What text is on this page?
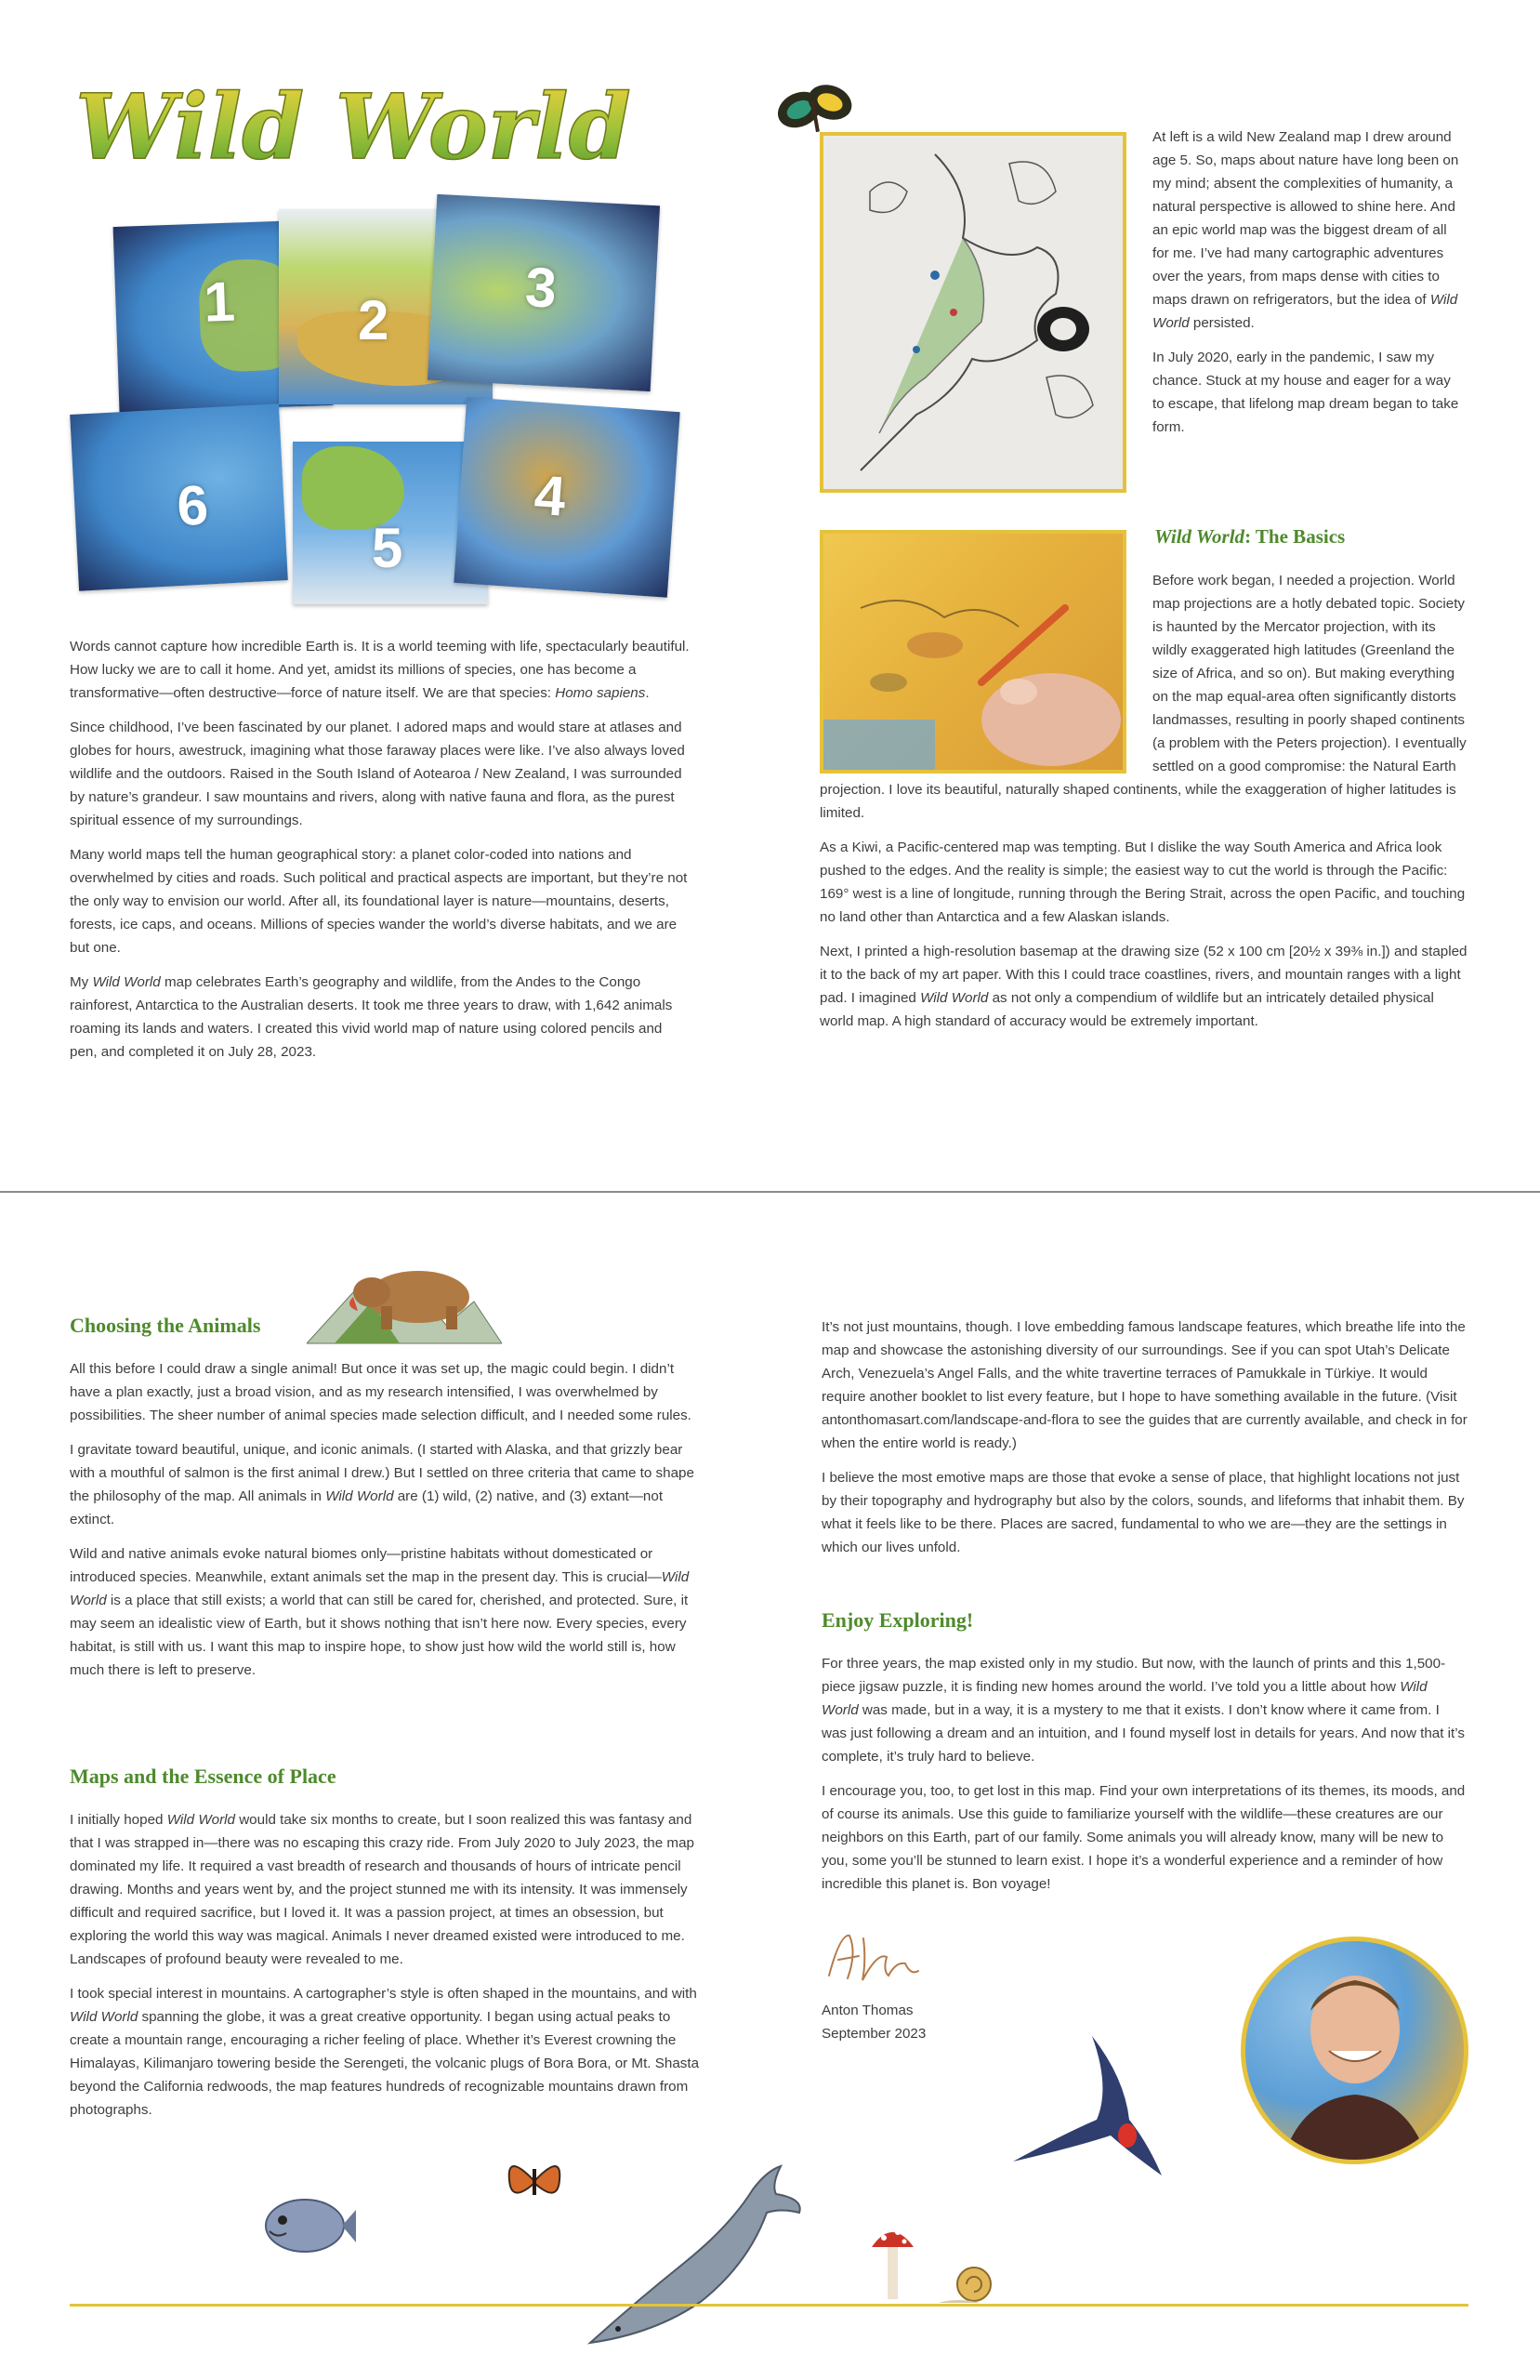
Wild World
1 2
3
6
5
4

Words cannot capture how incredible Earth is. It is a world teeming with life, spectacularly beautiful. How lucky we are to call it home. And yet, amidst its millions of species, one has become a transformative—often destructive—force of nature itself. We are that species: Homo sapiens.

Since childhood, I’ve been fascinated by our planet. I adored maps and would stare at atlases and globes for hours, awestruck, imagining what those faraway places were like. I’ve also always loved wildlife and the outdoors. Raised in the South Island of Aotearoa / New Zealand, I was surrounded by nature’s grandeur. I saw mountains and rivers, along with native fauna and flora, as the purest spiritual essence of my surroundings.

Many world maps tell the human geographical story: a planet color-coded into nations and overwhelmed by cities and roads. Such political and practical aspects are important, but they’re not the only way to envision our world. After all, its foundational layer is nature—mountains, deserts, forests, ice caps, and oceans. Millions of species wander the world’s diverse habitats, and we are but one.

My Wild World map celebrates Earth’s geography and wildlife, from the Andes to the Congo rainforest, Antarctica to the Australian deserts. It took me three years to draw, with 1,642 animals roaming its lands and waters. I created this vivid world map of nature using colored pencils and pen, and completed it on July 28, 2023.

At left is a wild New Zealand map I drew around age 5. So, maps about nature have long been on my mind; absent the complexities of humanity, a natural perspective is allowed to shine here. And an epic world map was the biggest dream of all for me. I’ve had many cartographic adventures over the years, from maps dense with cities to maps drawn on refrigerators, but the idea of Wild World persisted.

In July 2020, early in the pandemic, I saw my chance. Stuck at my house and eager for a way to escape, that lifelong map dream began to take form.

Wild World: The Basics

Before work began, I needed a projection. World map projections are a hotly debated topic. Society is haunted by the Mercator projection, with its wildly exaggerated high latitudes (Greenland the size of Africa, and so on). But making everything on the map equal-area often significantly distorts landmasses, resulting in poorly shaped continents (a problem with the Peters projection). I eventually settled on a good compromise: the Natural Earth projection. I love its beautiful, naturally shaped continents, while the exaggeration of higher latitudes is limited.

As a Kiwi, a Pacific-centered map was tempting. But I dislike the way South America and Africa look pushed to the edges. And the reality is simple; the easiest way to cut the world is through the Pacific: 169° west is a line of longitude, running through the Bering Strait, across the open Pacific, and touching no land other than Antarctica and a few Alaskan islands.

Next, I printed a high-resolution basemap at the drawing size (52 x 100 cm [20½ x 39⅜ in.]) and stapled it to the back of my art paper. With this I could trace coastlines, rivers, and mountain ranges with a light pad. I imagined Wild World as not only a compendium of wildlife but an intricately detailed physical world map. A high standard of accuracy would be extremely important.

Choosing the Animals

All this before I could draw a single animal! But once it was set up, the magic could begin. I didn’t have a plan exactly, just a broad vision, and as my research intensified, I was overwhelmed by possibilities. The sheer number of animal species made selection difficult, and I needed some rules.

I gravitate toward beautiful, unique, and iconic animals. (I started with Alaska, and that grizzly bear with a mouthful of salmon is the first animal I drew.) But I settled on three criteria that came to shape the philosophy of the map. All animals in Wild World are (1) wild, (2) native, and (3) extant—not extinct.

Wild and native animals evoke natural biomes only—pristine habitats without domesticated or introduced species. Meanwhile, extant animals set the map in the present day. This is crucial—Wild World is a place that still exists; a world that can still be cared for, cherished, and protected. Sure, it may seem an idealistic view of Earth, but it shows nothing that isn’t here now. Every species, every habitat, is still with us. I want this map to inspire hope, to show just how wild the world still is, how much there is left to preserve.

Maps and the Essence of Place

I initially hoped Wild World would take six months to create, but I soon realized this was fantasy and that I was strapped in—there was no escaping this crazy ride. From July 2020 to July 2023, the map dominated my life. It required a vast breadth of research and thousands of hours of intricate pencil drawing. Months and years went by, and the project stunned me with its intensity. It was immensely difficult and required sacrifice, but I loved it. It was a passion project, at times an obsession, but exploring the world this way was magical. Animals I never dreamed existed were introduced to me. Landscapes of profound beauty were revealed to me.

I took special interest in mountains. A cartographer’s style is often shaped in the mountains, and with Wild World spanning the globe, it was a great creative opportunity. I began using actual peaks to create a mountain range, encouraging a richer feeling of place. Whether it’s Everest crowning the Himalayas, Kilimanjaro towering beside the Serengeti, the volcanic plugs of Bora Bora, or Mt. Shasta beyond the California redwoods, the map features hundreds of recognizable mountains drawn from photographs.

It’s not just mountains, though. I love embedding famous landscape features, which breathe life into the map and showcase the astonishing diversity of our surroundings. See if you can spot Utah’s Delicate Arch, Venezuela’s Angel Falls, and the white travertine terraces of Pamukkale in Türkiye. It would require another booklet to list every feature, but I hope to have something available in the future. (Visit antonthomasart.com/landscape-and-flora to see the guides that are currently available, and check in for when the entire world is ready.)

I believe the most emotive maps are those that evoke a sense of place, that highlight locations not just by their topography and hydrography but also by the colors, sounds, and lifeforms that inhabit them. By what it feels like to be there. Places are sacred, fundamental to who we are—they are the settings in which our lives unfold.

Enjoy Exploring!

For three years, the map existed only in my studio. But now, with the launch of prints and this 1,500-piece jigsaw puzzle, it is finding new homes around the world. I’ve told you a little about how Wild World was made, but in a way, it is a mystery to me that it exists. I don’t know where it came from. I was just following a dream and an intuition, and I found myself lost in details for years. And now that it’s complete, it’s truly hard to believe.

I encourage you, too, to get lost in this map. Find your own interpretations of its themes, its moods, and of course its animals. Use this guide to familiarize yourself with the wildlife—these creatures are our neighbors on this Earth, part of our family. Some animals you will already know, many will be new to you, some you’ll be stunned to learn exist. I hope it’s a wonderful experience and a reminder of how incredible this planet is. Bon voyage!

Anton Thomas

September 2023
